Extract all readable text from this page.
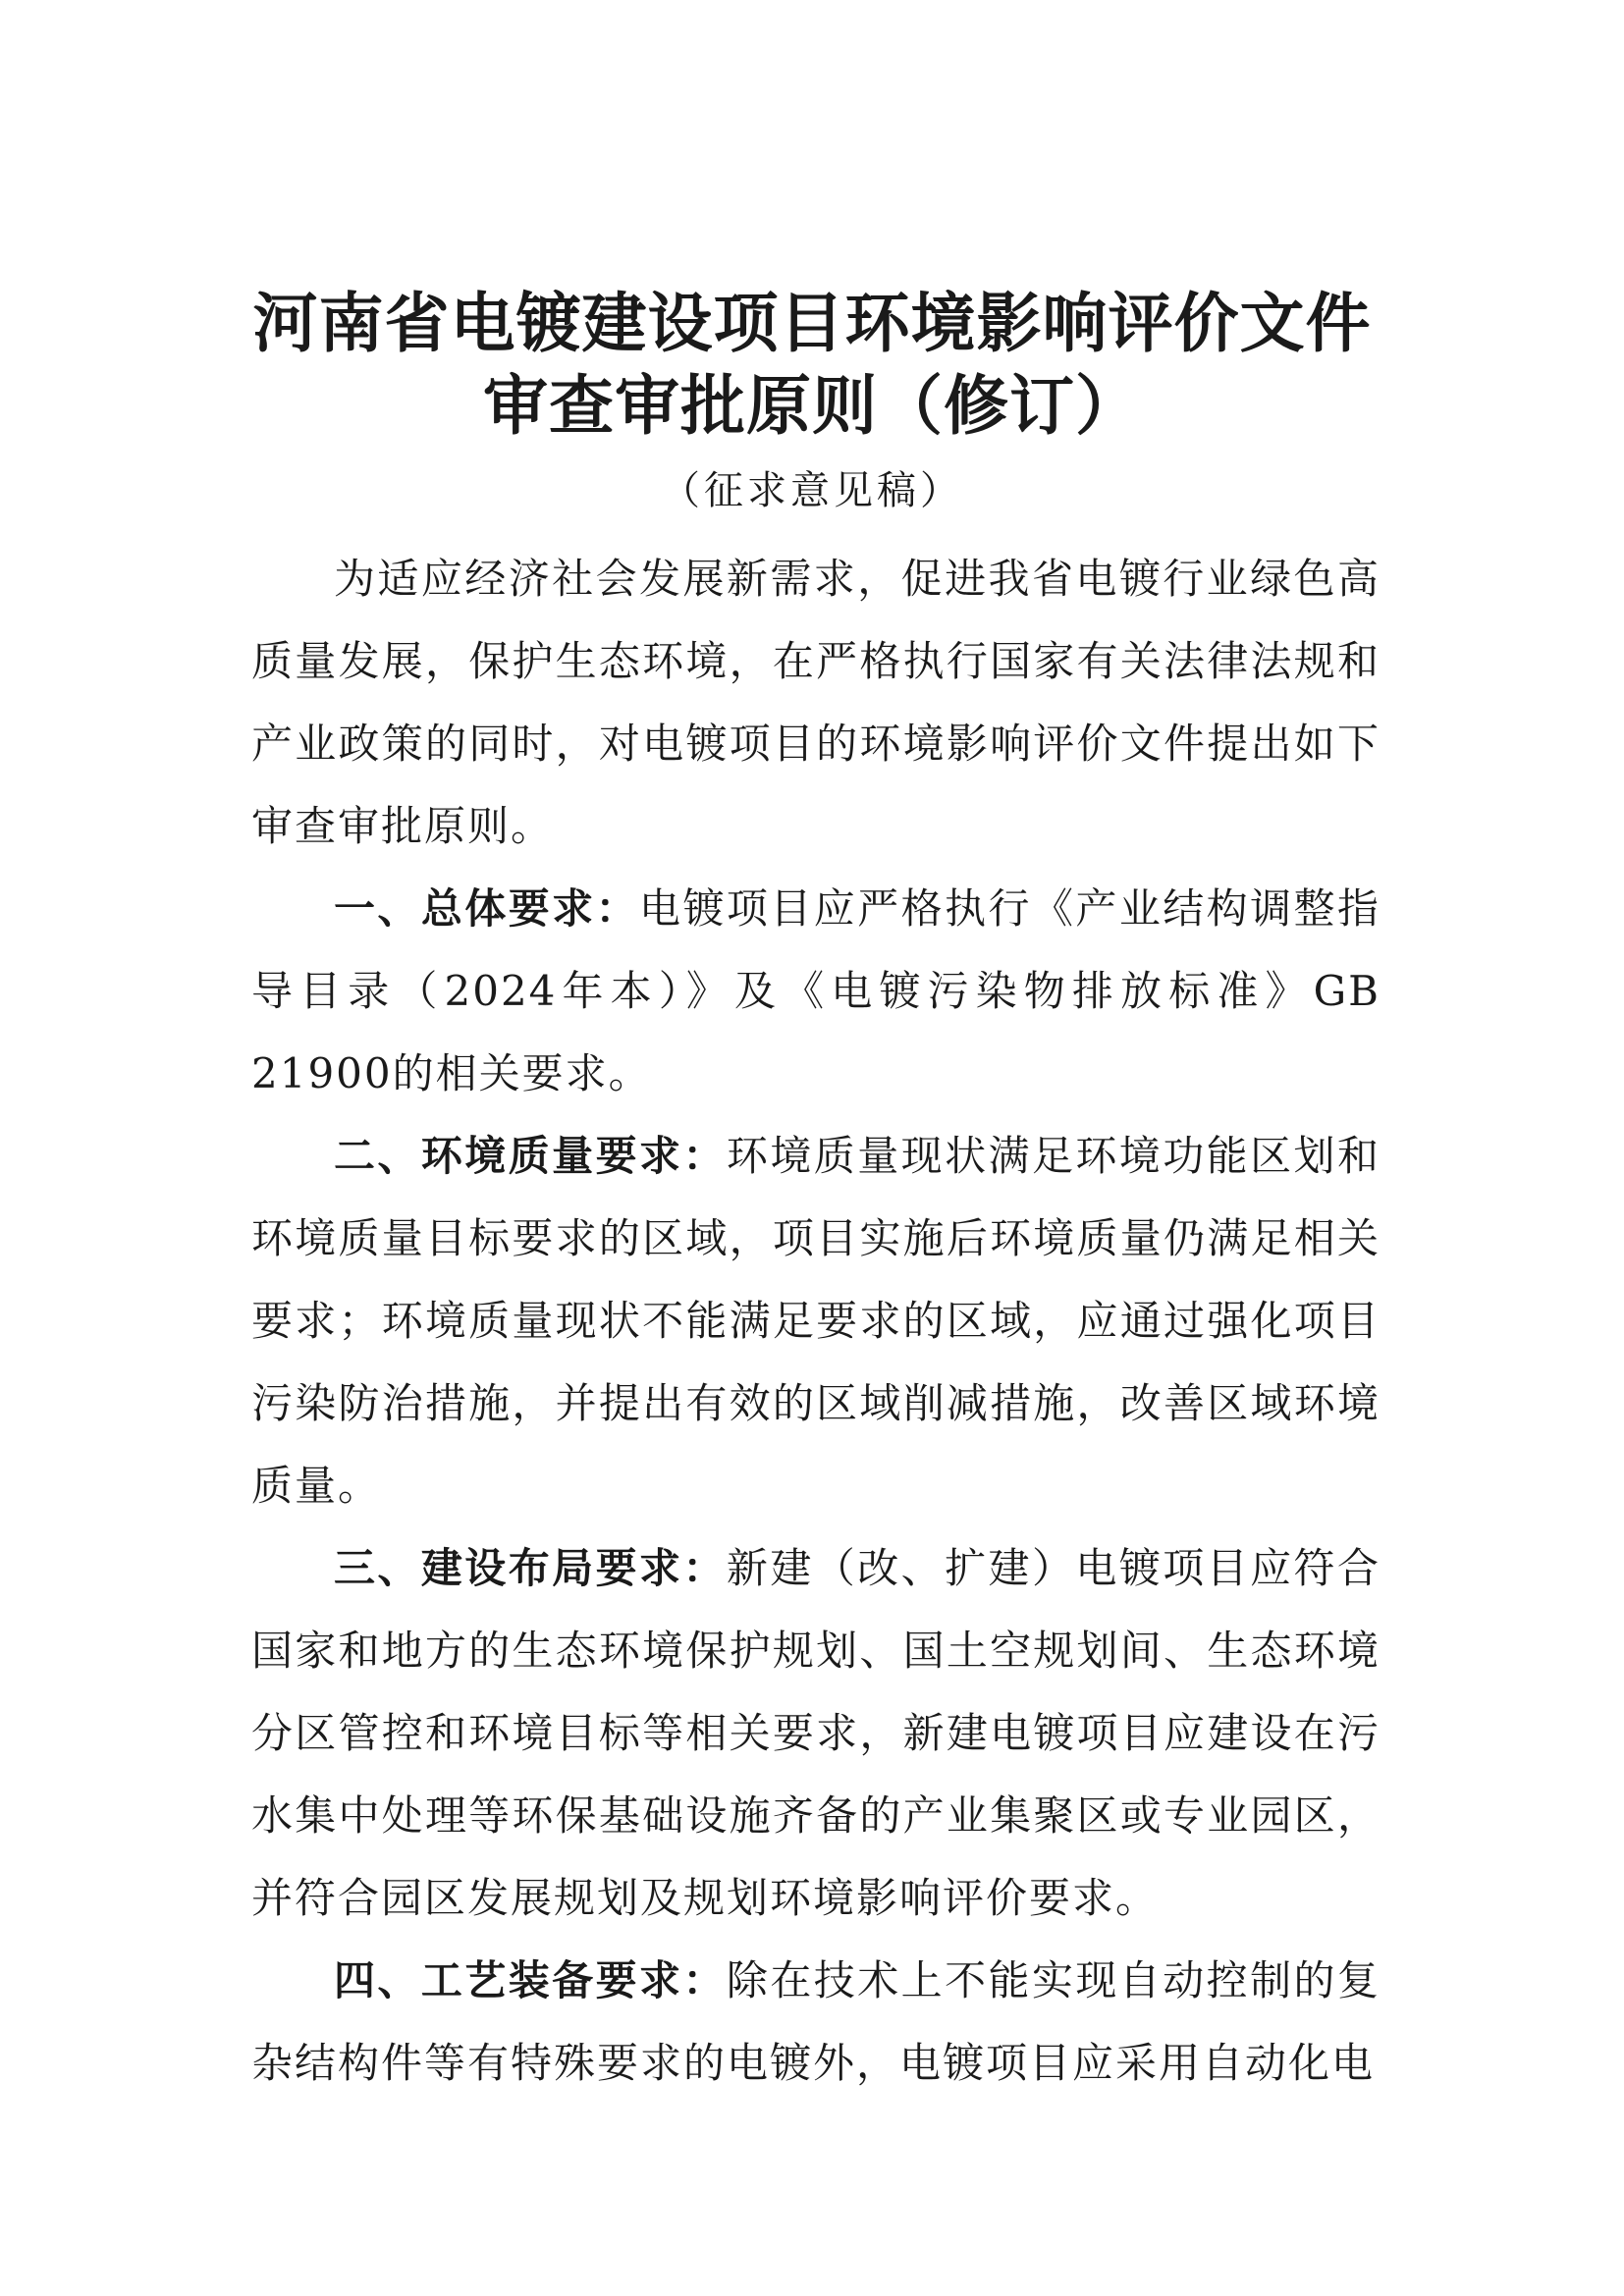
河南省电镀建设项目环境影响评价文件
审查审批原则（修订）

（征求意见稿）

为适应经济社会发展新需求，促进我省电镀行业绿色高质量发展，保护生态环境，在严格执行国家有关法律法规和产业政策的同时，对电镀项目的环境影响评价文件提出如下审查审批原则。

一、总体要求：电镀项目应严格执行《产业结构调整指导目录（2024年本）》及《电镀污染物排放标准》GB 21900的相关要求。

二、环境质量要求：环境质量现状满足环境功能区划和环境质量目标要求的区域，项目实施后环境质量仍满足相关要求；环境质量现状不能满足要求的区域，应通过强化项目污染防治措施，并提出有效的区域削减措施，改善区域环境质量。

三、建设布局要求：新建（改、扩建）电镀项目应符合国家和地方的生态环境保护规划、国土空规划间、生态环境分区管控和环境目标等相关要求，新建电镀项目应建设在污水集中处理等环保基础设施齐备的产业集聚区或专业园区，并符合园区发展规划及规划环境影响评价要求。

四、工艺装备要求：除在技术上不能实现自动控制的复杂结构件等有特殊要求的电镀外，电镀项目应采用自动化电
